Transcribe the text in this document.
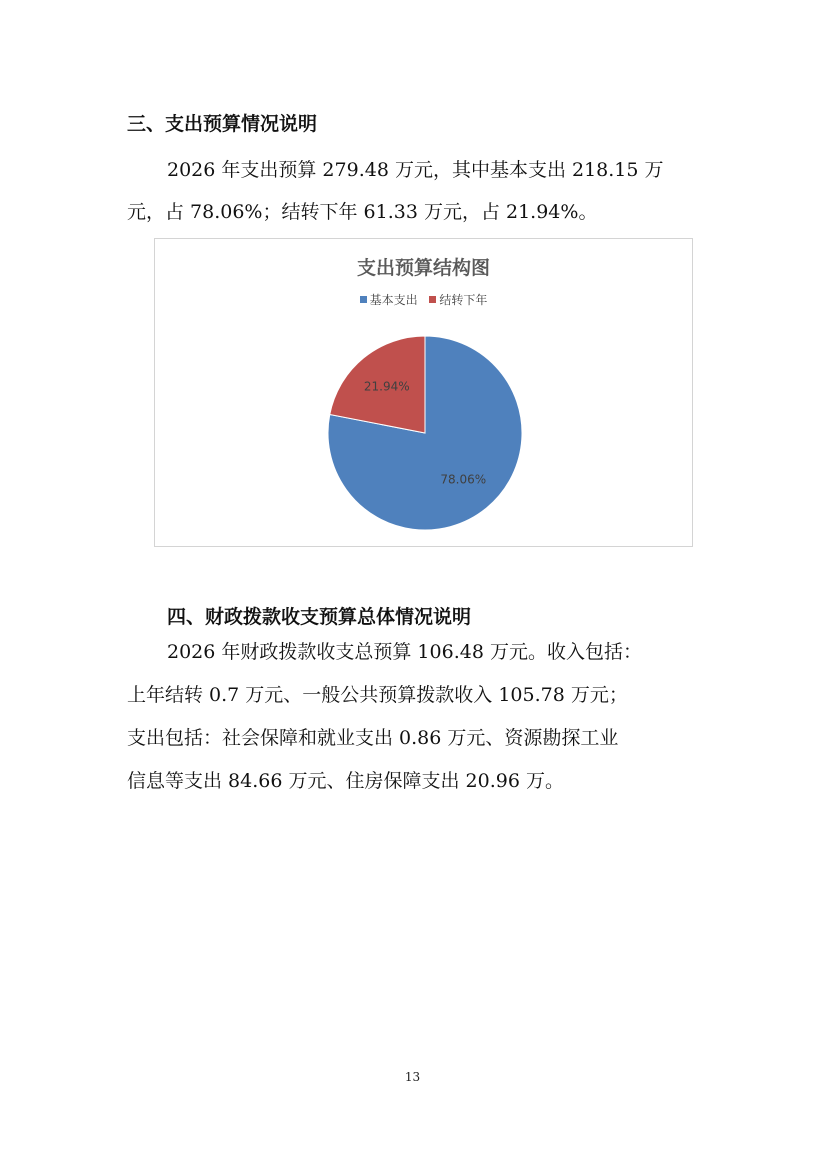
三、支出预算情况说明
2026 年支出预算 279.48 万元，其中基本支出 218.15 万
元，占 78.06%；结转下年 61.33 万元，占 21.94%。
支出预算结构图
基本支出
结转下年
78.06%
21.94%
四、财政拨款收支预算总体情况说明
2026 年财政拨款收支总预算 106.48 万元。收入包括：
上年结转 0.7 万元、一般公共预算拨款收入 105.78 万元；
支出包括：社会保障和就业支出 0.86 万元、资源勘探工业
信息等支出 84.66 万元、住房保障支出 20.96 万。
13
